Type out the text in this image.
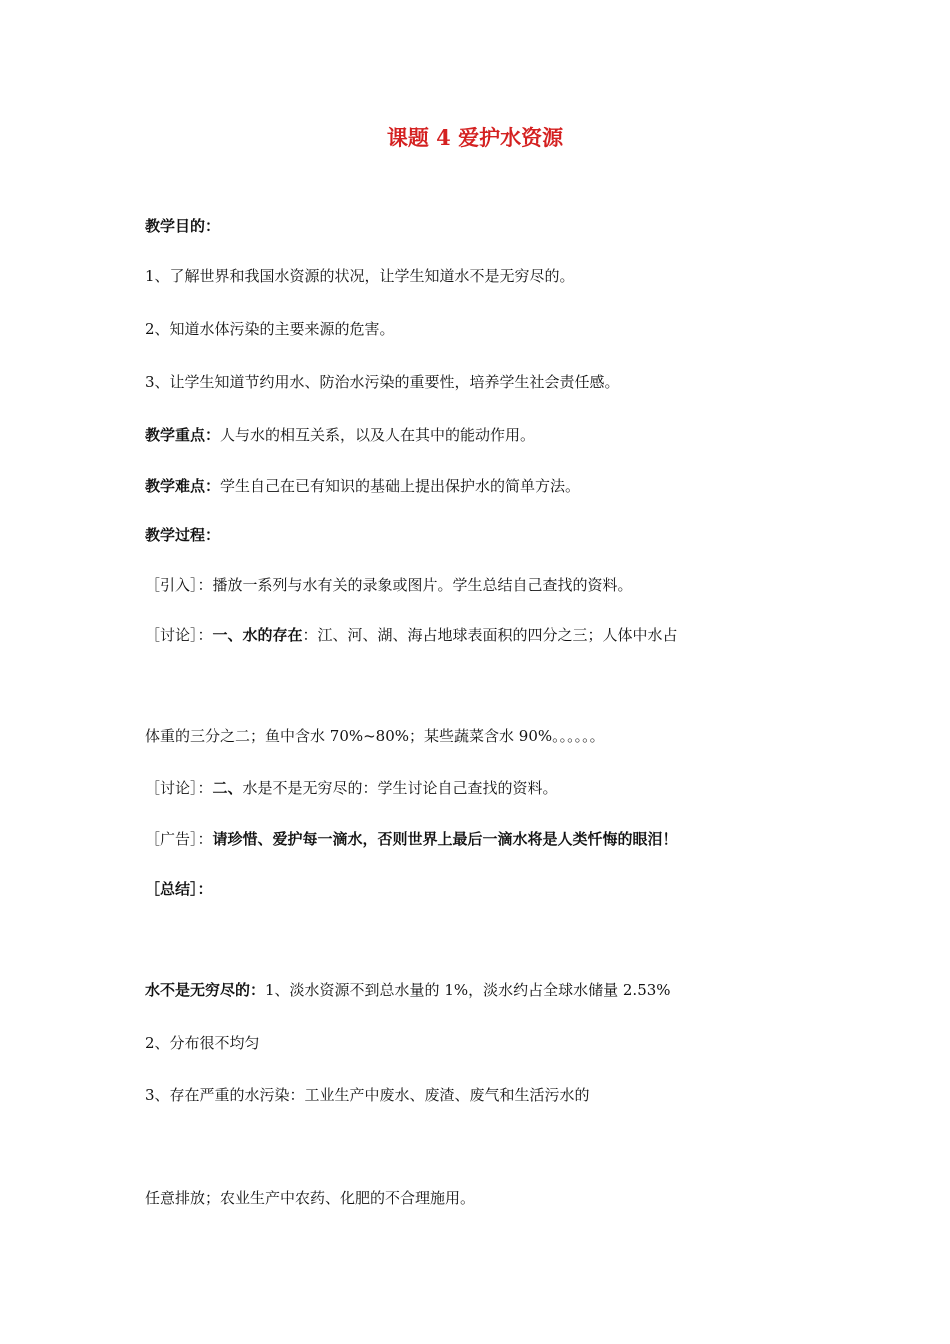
课题 4 爱护水资源

教学目的：

1、了解世界和我国水资源的状况，让学生知道水不是无穷尽的。

2、知道水体污染的主要来源的危害。

3、让学生知道节约用水、防治水污染的重要性，培养学生社会责任感。

教学重点：人与水的相互关系，以及人在其中的能动作用。

教学难点：学生自己在已有知识的基础上提出保护水的简单方法。

教学过程：

［引入］：播放一系列与水有关的录象或图片。学生总结自己查找的资料。

［讨论］：一、水的存在：江、河、湖、海占地球表面积的四分之三；人体中水占

体重的三分之二；鱼中含水 70%~80%；某些蔬菜含水 90%。。。。。。

［讨论］：二、水是不是无穷尽的：学生讨论自己查找的资料。

［广告］：请珍惜、爱护每一滴水，否则世界上最后一滴水将是人类忏悔的眼泪！

［总结］：

水不是无穷尽的：1、淡水资源不到总水量的 1%，淡水约占全球水储量 2.53%

2、分布很不均匀

3、存在严重的水污染：工业生产中废水、废渣、废气和生活污水的

任意排放；农业生产中农药、化肥的不合理施用。
